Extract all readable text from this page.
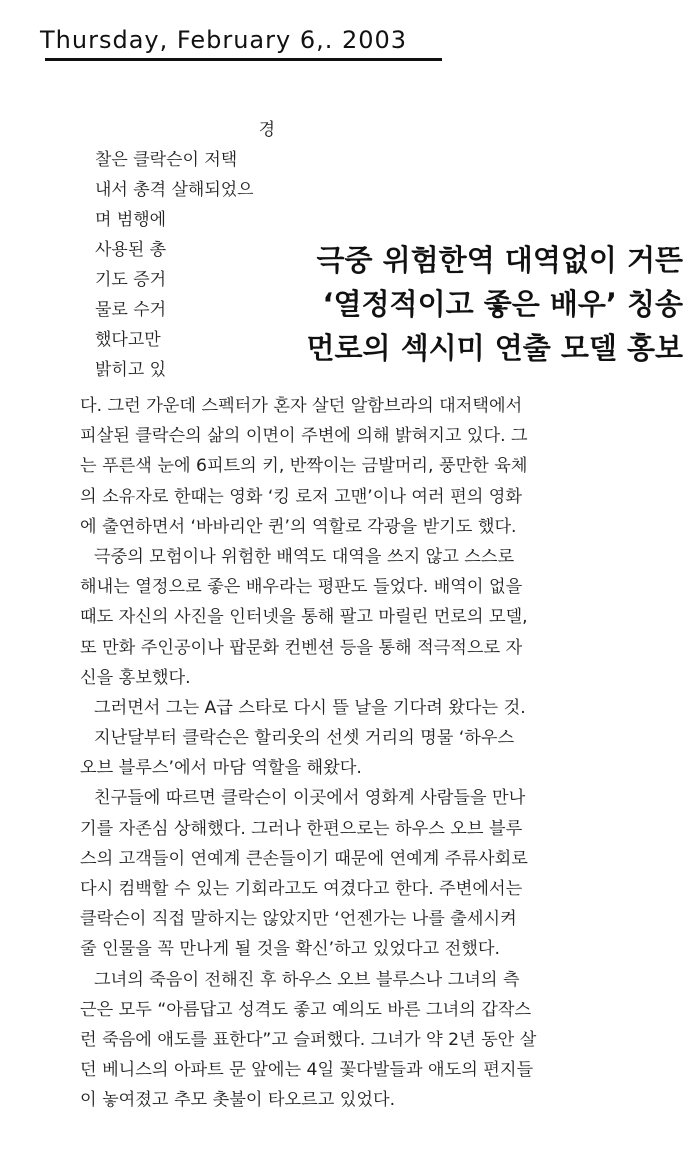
Thursday, February 6,. 2003
경
찰은 클락슨이 저택
내서 총격 살해되었으
며 범행에
사용된 총
기도 증거
물로 수거
했다고만
밝히고 있
극중 위험한역 대역없이 거뜬
‘열정적이고 좋은 배우’ 칭송
먼로의 섹시미 연출 모델 홍보
다. 그런 가운데 스펙터가 혼자 살던 알함브라의 대저택에서
피살된 클락슨의 삶의 이면이 주변에 의해 밝혀지고 있다. 그
는 푸른색 눈에 6피트의 키, 반짝이는 금발머리, 풍만한 육체
의 소유자로 한때는 영화 ‘킹 로저 고맨’이나 여러 편의 영화
에 출연하면서 ‘바바리안 퀸’의 역할로 각광을 받기도 했다.
극중의 모험이나 위험한 배역도 대역을 쓰지 않고 스스로
해내는 열정으로 좋은 배우라는 평판도 들었다. 배역이 없을
때도 자신의 사진을 인터넷을 통해 팔고 마릴린 먼로의 모델,
또 만화 주인공이나 팝문화 컨벤션 등을 통해 적극적으로 자
신을 홍보했다.
그러면서 그는 A급 스타로 다시 뜰 날을 기다려 왔다는 것.
지난달부터 클락슨은 할리웃의 선셋 거리의 명물 ‘하우스
오브 블루스’에서 마담 역할을 해왔다.
친구들에 따르면 클락슨이 이곳에서 영화계 사람들을 만나
기를 자존심 상해했다. 그러나 한편으로는 하우스 오브 블루
스의 고객들이 연예계 큰손들이기 때문에 연예계 주류사회로
다시 컴백할 수 있는 기회라고도 여겼다고 한다. 주변에서는
클락슨이 직접 말하지는 않았지만 ‘언젠가는 나를 출세시켜
줄 인물을 꼭 만나게 될 것을 확신’하고 있었다고 전했다.
그녀의 죽음이 전해진 후 하우스 오브 블루스나 그녀의 측
근은 모두 “아름답고 성격도 좋고 예의도 바른 그녀의 갑작스
런 죽음에 애도를 표한다”고 슬퍼했다. 그녀가 약 2년 동안 살
던 베니스의 아파트 문 앞에는 4일 꽃다발들과 애도의 편지들
이 놓여졌고 추모 촛불이 타오르고 있었다.
